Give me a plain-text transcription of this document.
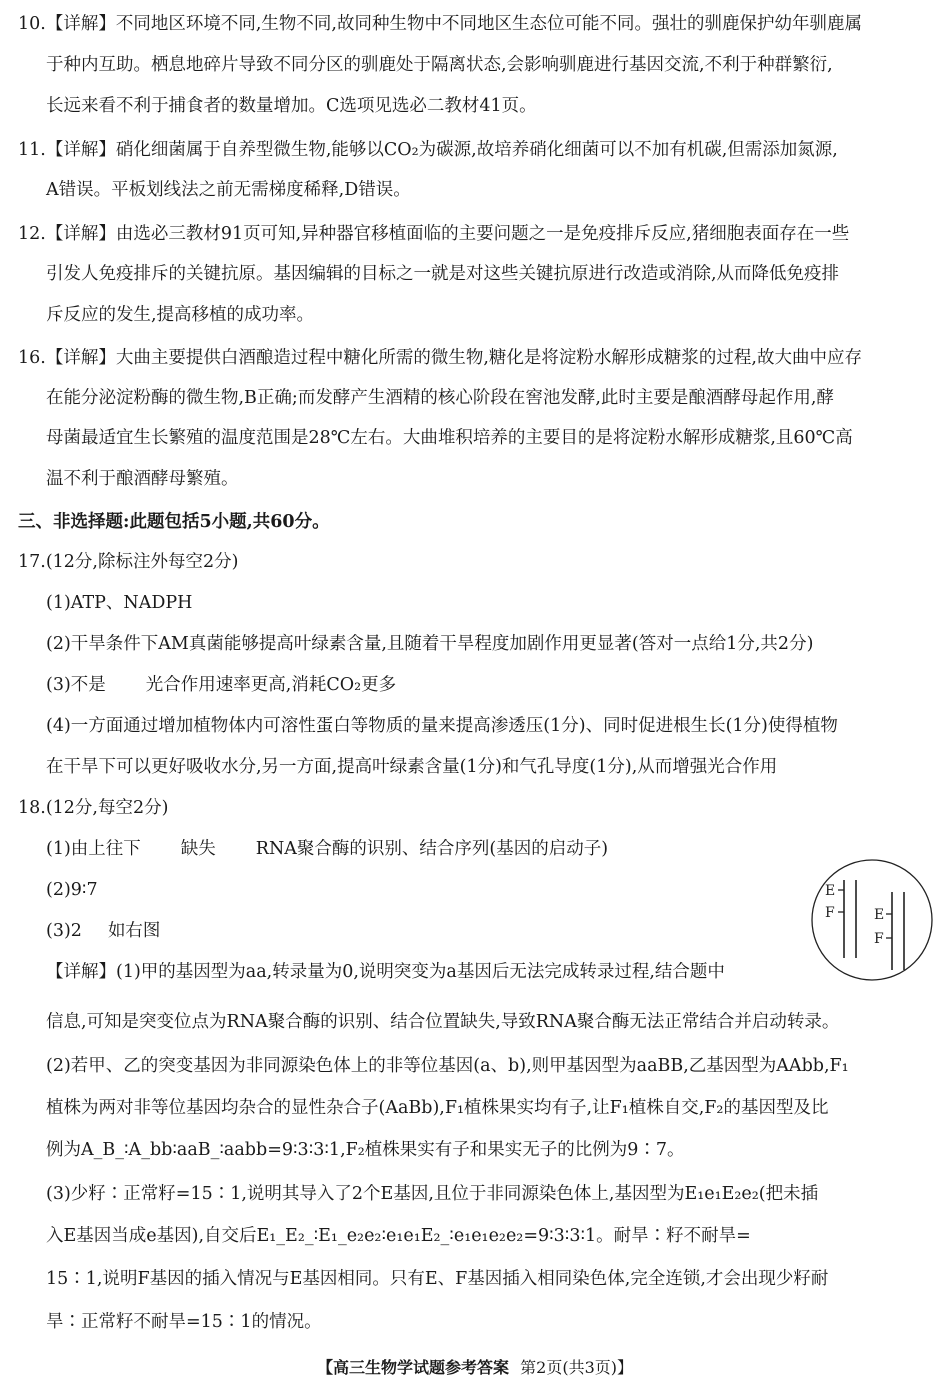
10.【详解】不同地区环境不同,生物不同,故同种生物中不同地区生态位可能不同。强壮的驯鹿保护幼年驯鹿属
于种内互助。栖息地碎片导致不同分区的驯鹿处于隔离状态,会影响驯鹿进行基因交流,不利于种群繁衍,
长远来看不利于捕食者的数量增加。C选项见选必二教材41页。
11.【详解】硝化细菌属于自养型微生物,能够以CO₂为碳源,故培养硝化细菌可以不加有机碳,但需添加氮源,
A错误。平板划线法之前无需梯度稀释,D错误。
12.【详解】由选必三教材91页可知,异种器官移植面临的主要问题之一是免疫排斥反应,猪细胞表面存在一些
引发人免疫排斥的关键抗原。基因编辑的目标之一就是对这些关键抗原进行改造或消除,从而降低免疫排
斥反应的发生,提高移植的成功率。
16.【详解】大曲主要提供白酒酿造过程中糖化所需的微生物,糖化是将淀粉水解形成糖浆的过程,故大曲中应存
在能分泌淀粉酶的微生物,B正确;而发酵产生酒精的核心阶段在窖池发酵,此时主要是酿酒酵母起作用,酵
母菌最适宜生长繁殖的温度范围是28℃左右。大曲堆积培养的主要目的是将淀粉水解形成糖浆,且60℃高
温不利于酿酒酵母繁殖。
三、非选择题:此题包括5小题,共60分。
17.(12分,除标注外每空2分)
(1)ATP、NADPH
(2)干旱条件下AM真菌能够提高叶绿素含量,且随着干旱程度加剧作用更显著(答对一点给1分,共2分)
(3)不是 光合作用速率更高,消耗CO₂更多
(4)一方面通过增加植物体内可溶性蛋白等物质的量来提高渗透压(1分)、同时促进根生长(1分)使得植物
在干旱下可以更好吸收水分,另一方面,提高叶绿素含量(1分)和气孔导度(1分),从而增强光合作用
18.(12分,每空2分)
(1)由上往下 缺失 RNA聚合酶的识别、结合序列(基因的启动子)
(2)9∶7
(3)2 如右图
E
F	E
F
【详解】(1)甲的基因型为aa,转录量为0,说明突变为a基因后无法完成转录过程,结合题中
信息,可知是突变位点为RNA聚合酶的识别、结合位置缺失,导致RNA聚合酶无法正常结合并启动转录。
(2)若甲、乙的突变基因为非同源染色体上的非等位基因(a、b),则甲基因型为aaBB,乙基因型为AAbb,F₁
植株为两对非等位基因均杂合的显性杂合子(AaBb),F₁植株果实均有子,让F₁植株自交,F₂的基因型及比
例为A_B_∶A_bb∶aaB_∶aabb=9∶3∶3∶1,F₂植株果实有子和果实无子的比例为9∶7。
(3)少籽∶正常籽=15∶1,说明其导入了2个E基因,且位于非同源染色体上,基因型为E₁e₁E₂e₂(把未插
入E基因当成e基因),自交后E₁_E₂_∶E₁_e₂e₂∶e₁e₁E₂_∶e₁e₁e₂e₂=9∶3∶3∶1。耐旱∶籽不耐旱=
15∶1,说明F基因的插入情况与E基因相同。只有E、F基因插入相同染色体,完全连锁,才会出现少籽耐
旱∶正常籽不耐旱=15∶1的情况。
【高三生物学试题参考答案 第2页(共3页)】
